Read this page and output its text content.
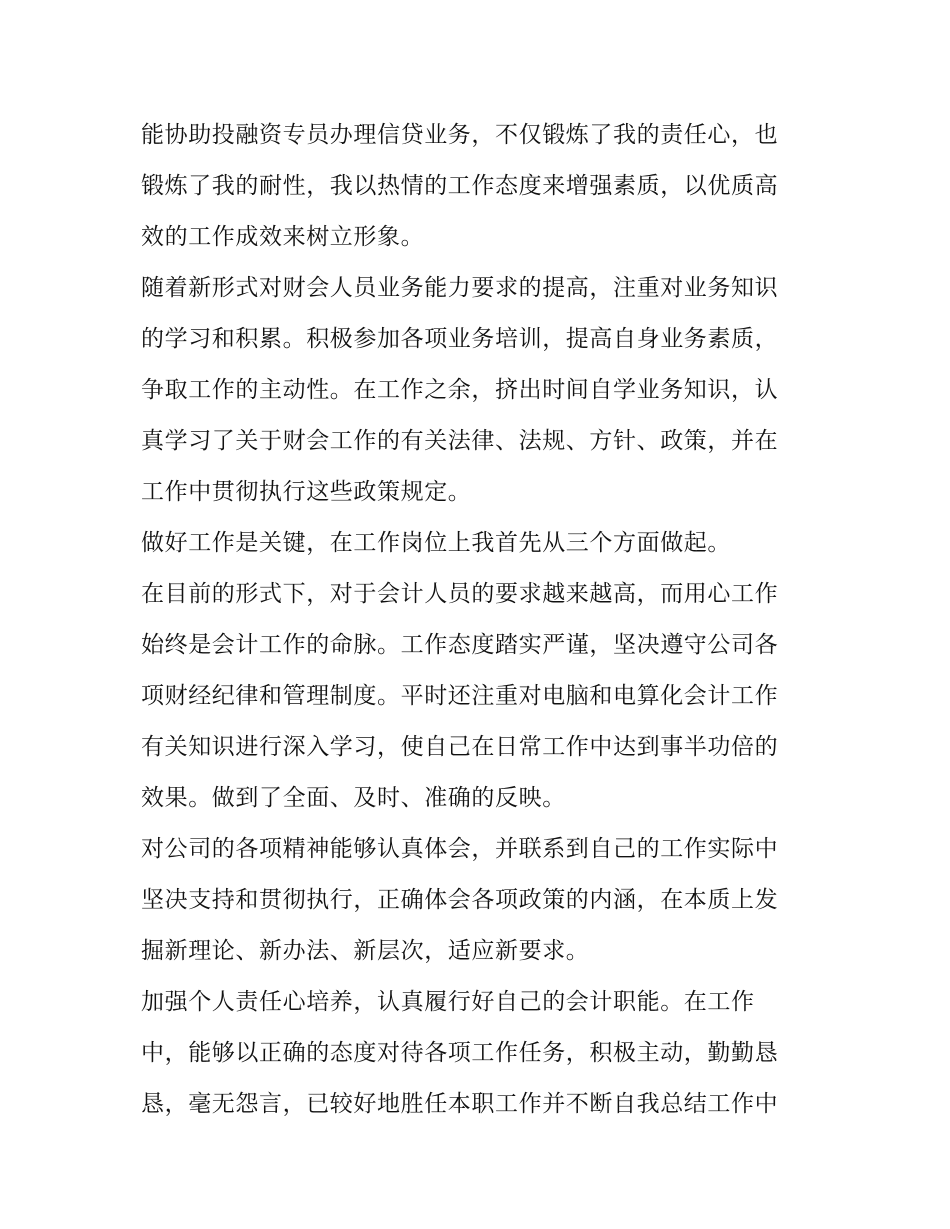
能协助投融资专员办理信贷业务，不仅锻炼了我的责任心，也
锻炼了我的耐性，我以热情的工作态度来增强素质，以优质高
效的工作成效来树立形象。
随着新形式对财会人员业务能力要求的提高，注重对业务知识
的学习和积累。积极参加各项业务培训，提高自身业务素质，
争取工作的主动性。在工作之余，挤出时间自学业务知识，认
真学习了关于财会工作的有关法律、法规、方针、政策，并在
工作中贯彻执行这些政策规定。
做好工作是关键，在工作岗位上我首先从三个方面做起。
在目前的形式下，对于会计人员的要求越来越高，而用心工作
始终是会计工作的命脉。工作态度踏实严谨，坚决遵守公司各
项财经纪律和管理制度。平时还注重对电脑和电算化会计工作
有关知识进行深入学习，使自己在日常工作中达到事半功倍的
效果。做到了全面、及时、准确的反映。
对公司的各项精神能够认真体会，并联系到自己的工作实际中
坚决支持和贯彻执行，正确体会各项政策的内涵，在本质上发
掘新理论、新办法、新层次，适应新要求。
加强个人责任心培养，认真履行好自己的会计职能。在工作
中，能够以正确的态度对待各项工作任务，积极主动，勤勤恳
恳，毫无怨言，已较好地胜任本职工作并不断自我总结工作中
